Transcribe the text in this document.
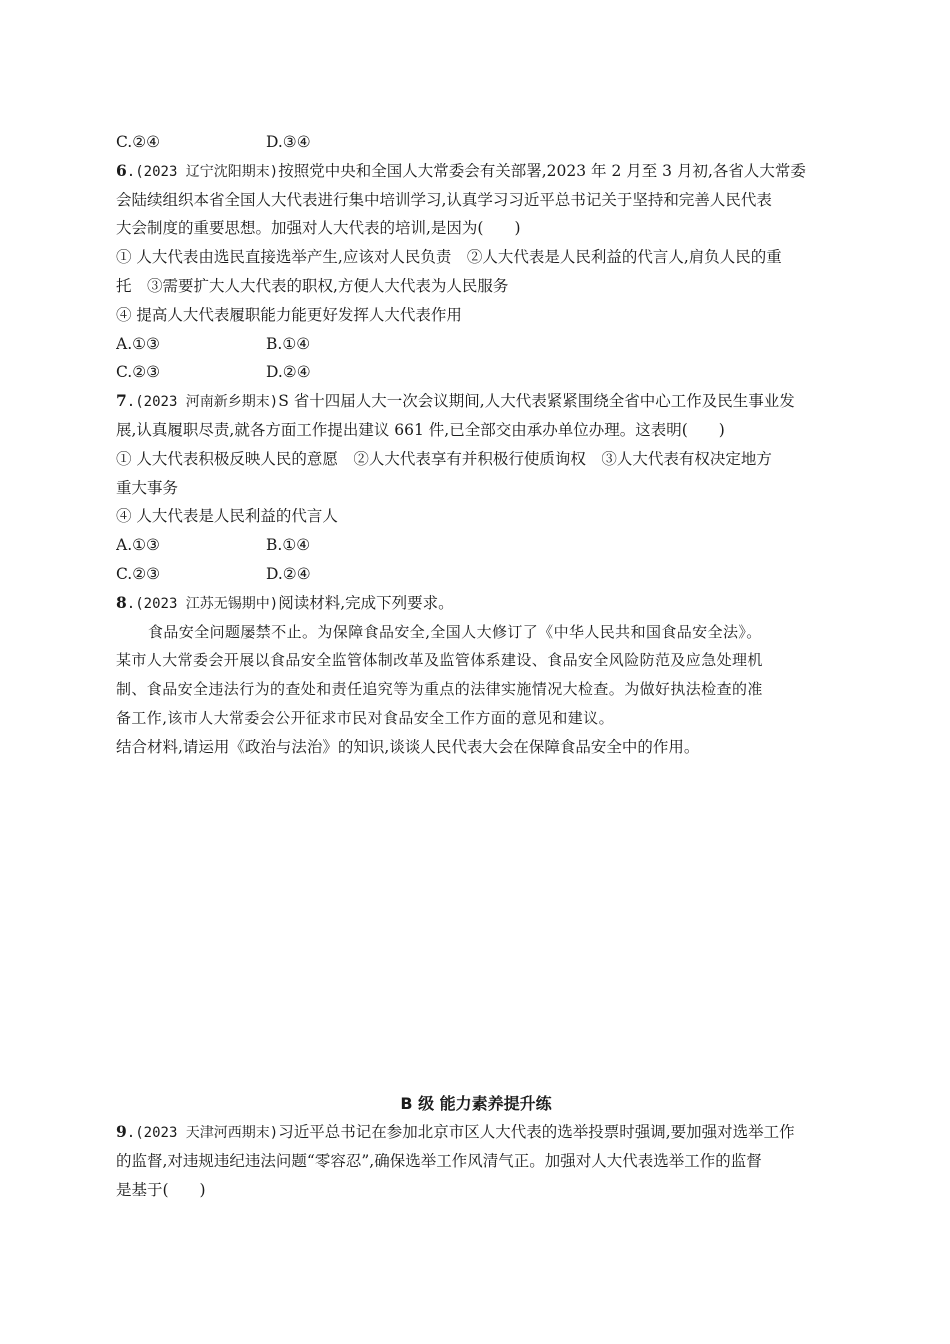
C.②④	D.③④
6.(2023 辽宁沈阳期末)按照党中央和全国人大常委会有关部署,2023 年 2 月至 3 月初,各省人大常委
会陆续组织本省全国人大代表进行集中培训学习,认真学习习近平总书记关于坚持和完善人民代表
大会制度的重要思想。加强对人大代表的培训,是因为(　　)
① 人大代表由选民直接选举产生,应该对人民负责　②人大代表是人民利益的代言人,肩负人民的重
托　③需要扩大人大代表的职权,方便人大代表为人民服务
④ 提高人大代表履职能力能更好发挥人大代表作用
A.①③	B.①④
C.②③	D.②④
7.(2023 河南新乡期末)S 省十四届人大一次会议期间,人大代表紧紧围绕全省中心工作及民生事业发
展,认真履职尽责,就各方面工作提出建议 661 件,已全部交由承办单位办理。这表明(　　)
① 人大代表积极反映人民的意愿　②人大代表享有并积极行使质询权　③人大代表有权决定地方
重大事务
④ 人大代表是人民利益的代言人
A.①③	B.①④
C.②③	D.②④
8.(2023 江苏无锡期中)阅读材料,完成下列要求。
食品安全问题屡禁不止。为保障食品安全,全国人大修订了《中华人民共和国食品安全法》。
某市人大常委会开展以食品安全监管体制改革及监管体系建设、食品安全风险防范及应急处理机
制、食品安全违法行为的查处和责任追究等为重点的法律实施情况大检查。为做好执法检查的准
备工作,该市人大常委会公开征求市民对食品安全工作方面的意见和建议。
结合材料,请运用《政治与法治》的知识,谈谈人民代表大会在保障食品安全中的作用。
B 级 能力素养提升练
9.(2023 天津河西期末)习近平总书记在参加北京市区人大代表的选举投票时强调,要加强对选举工作
的监督,对违规违纪违法问题“零容忍”,确保选举工作风清气正。加强对人大代表选举工作的监督
是基于(　　)
